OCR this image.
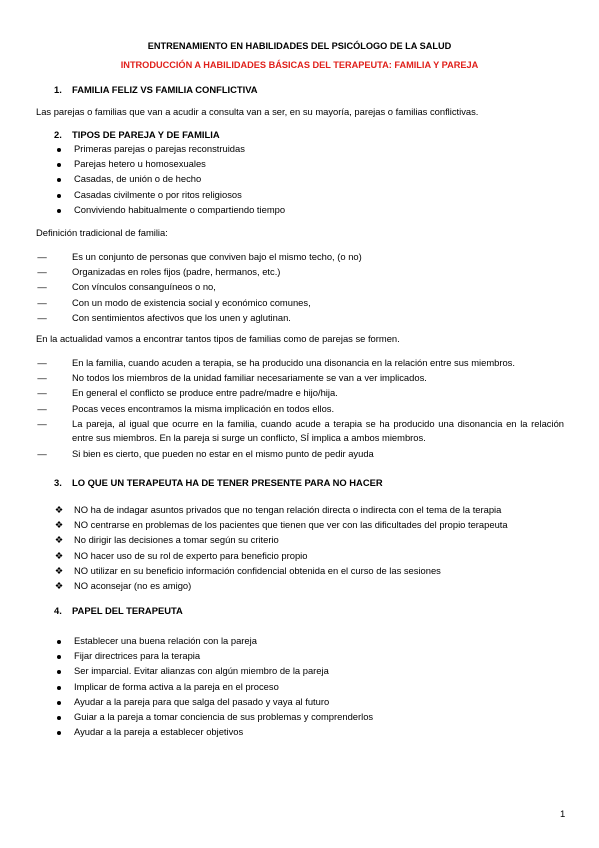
ENTRENAMIENTO EN HABILIDADES DEL PSICÓLOGO DE LA SALUD
INTRODUCCIÓN A HABILIDADES BÁSICAS DEL TERAPEUTA: FAMILIA Y PAREJA
1. FAMILIA FELIZ VS FAMILIA CONFLICTIVA
Las parejas o familias que van a acudir a consulta van a ser, en su mayoría, parejas o familias conflictivas.
2. TIPOS DE PAREJA Y DE FAMILIA
Primeras parejas o parejas reconstruidas
Parejas hetero u homosexuales
Casadas, de unión o de hecho
Casadas civilmente o por ritos religiosos
Conviviendo habitualmente o compartiendo tiempo
Definición tradicional de familia:
—	Es un conjunto de personas que conviven bajo el mismo techo, (o no)
—	Organizadas en roles fijos (padre, hermanos, etc.)
—	Con vínculos consanguíneos o no,
—	Con un modo de existencia social y económico comunes,
—	Con sentimientos afectivos que los unen y aglutinan.
En la actualidad vamos a encontrar tantos tipos de familias como de parejas se formen.
—	En la familia, cuando acuden a terapia, se ha producido una disonancia en la relación entre sus miembros.
—	No todos los miembros de la unidad familiar necesariamente se van a ver implicados.
—	En general el conflicto se produce entre padre/madre e hijo/hija.
—	Pocas veces encontramos la misma implicación en todos ellos.
—	La pareja, al igual que ocurre en la familia, cuando acude a terapia se ha producido una disonancia en la relación entre sus miembros. En la pareja si surge un conflicto, SÍ implica a ambos miembros.
—	Si bien es cierto, que pueden no estar en el mismo punto de pedir ayuda
3. LO QUE UN TERAPEUTA HA DE TENER PRESENTE PARA NO HACER
❖ NO ha de indagar asuntos privados que no tengan relación directa o indirecta con el tema de la terapia
❖ NO centrarse en problemas de los pacientes que tienen que ver con las dificultades del propio terapeuta
❖ No dirigir las decisiones a tomar según su criterio
❖ NO hacer uso de su rol de experto para beneficio propio
❖ NO utilizar en su beneficio información confidencial obtenida en el curso de las sesiones
❖ NO aconsejar (no es amigo)
4. PAPEL DEL TERAPEUTA
Establecer una buena relación con la pareja
Fijar directrices para la terapia
Ser imparcial. Evitar alianzas con algún miembro de la pareja
Implicar de forma activa a la pareja en el proceso
Ayudar a la pareja para que salga del pasado y vaya al futuro
Guiar a la pareja a tomar conciencia de sus problemas y comprenderlos
Ayudar a la pareja a establecer objetivos
1
